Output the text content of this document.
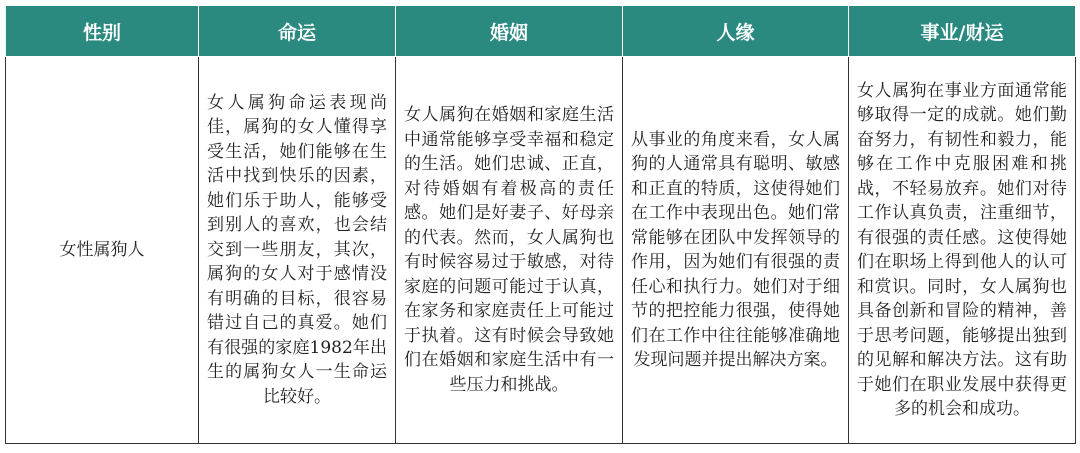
性别	命运	婚姻	人缘	事业/财运
女性属狗人	女人属狗命运表现尚佳，属狗的女人懂得享受生活，她们能够在生活中找到快乐的因素，她们乐于助人，能够受到别人的喜欢，也会结交到一些朋友，其次，属狗的女人对于感情没有明确的目标，很容易错过自己的真爱。她们有很强的家庭1982年出生的属狗女人一生命运比较好。	女人属狗在婚姻和家庭生活中通常能够享受幸福和稳定的生活。她们忠诚、正直，对待婚姻有着极高的责任感。她们是好妻子、好母亲的代表。然而，女人属狗也有时候容易过于敏感，对待家庭的问题可能过于认真，在家务和家庭责任上可能过于执着。这有时候会导致她们在婚姻和家庭生活中有一些压力和挑战。	从事业的角度来看，女人属狗的人通常具有聪明、敏感和正直的特质，这使得她们在工作中表现出色。她们常常能够在团队中发挥领导的作用，因为她们有很强的责任心和执行力。她们对于细节的把控能力很强，使得她们在工作中往往能够准确地发现问题并提出解决方案。	女人属狗在事业方面通常能够取得一定的成就。她们勤奋努力，有韧性和毅力，能够在工作中克服困难和挑战，不轻易放弃。她们对待工作认真负责，注重细节，有很强的责任感。这使得她们在职场上得到他人的认可和赏识。同时，女人属狗也具备创新和冒险的精神，善于思考问题，能够提出独到的见解和解决方法。这有助于她们在职业发展中获得更多的机会和成功。
